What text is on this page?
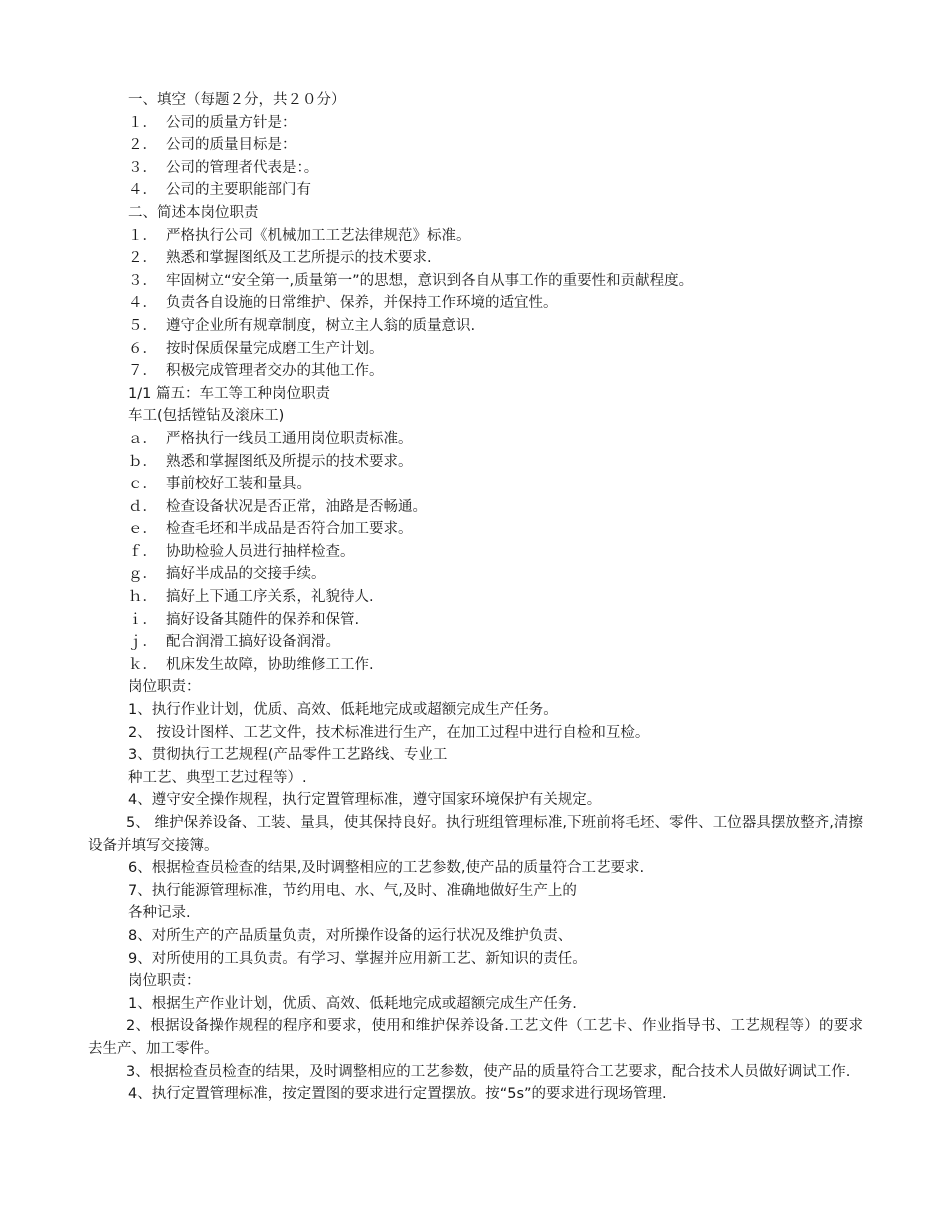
一、填空（每题２分，共２０分）
１． 公司的质量方针是：
２． 公司的质量目标是：
３． 公司的管理者代表是：。
４． 公司的主要职能部门有
二、简述本岗位职责
１． 严格执行公司《机械加工工艺法律规范》标准。
２． 熟悉和掌握图纸及工艺所提示的技术要求.
３． 牢固树立“安全第一,质量第一”的思想，意识到各自从事工作的重要性和贡献程度。
４． 负责各自设施的日常维护、保养，并保持工作环境的适宜性。
５． 遵守企业所有规章制度，树立主人翁的质量意识.
６． 按时保质保量完成磨工生产计划。
７． 积极完成管理者交办的其他工作。
1/1 篇五：车工等工种岗位职责
车工(包括镗钻及滚床工)
ａ． 严格执行一线员工通用岗位职责标准。
ｂ． 熟悉和掌握图纸及所提示的技术要求。
ｃ． 事前校好工装和量具。
ｄ． 检查设备状况是否正常，油路是否畅通。
ｅ． 检查毛坯和半成品是否符合加工要求。
ｆ． 协助检验人员进行抽样检查。
ｇ． 搞好半成品的交接手续。
ｈ． 搞好上下通工序关系，礼貌待人.
ｉ． 搞好设备其随件的保养和保管.
ｊ． 配合润滑工搞好设备润滑。
ｋ． 机床发生故障，协助维修工工作.
岗位职责：
1、执行作业计划，优质、高效、低耗地完成或超额完成生产任务。
2、 按设计图样、工艺文件，技术标准进行生产，在加工过程中进行自检和互检。
3、贯彻执行工艺规程(产品零件工艺路线、专业工
种工艺、典型工艺过程等）.
4、遵守安全操作规程，执行定置管理标准，遵守国家环境保护有关规定。
5、 维护保养设备、工装、量具，使其保持良好。执行班组管理标准,下班前将毛坯、零件、工位器具摆放整齐,清擦设备并填写交接簿。
6、根据检查员检查的结果,及时调整相应的工艺参数,使产品的质量符合工艺要求.
7、执行能源管理标准，节约用电、水、气,及时、准确地做好生产上的
各种记录.
8、对所生产的产品质量负责，对所操作设备的运行状况及维护负责、
9、对所使用的工具负责。有学习、掌握并应用新工艺、新知识的责任。
岗位职责：
1、根据生产作业计划，优质、高效、低耗地完成或超额完成生产任务.
2、根据设备操作规程的程序和要求，使用和维护保养设备.工艺文件（工艺卡、作业指导书、工艺规程等）的要求去生产、加工零件。
3、根据检查员检查的结果，及时调整相应的工艺参数，使产品的质量符合工艺要求，配合技术人员做好调试工作.
4、执行定置管理标准，按定置图的要求进行定置摆放。按“5s”的要求进行现场管理.
